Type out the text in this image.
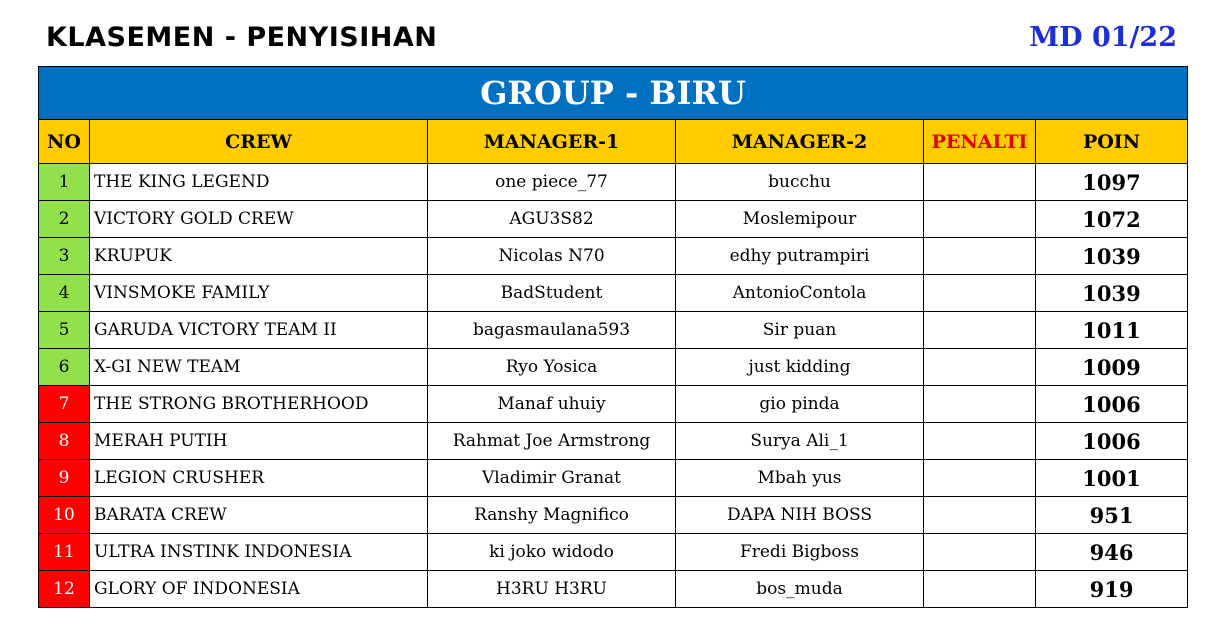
KLASEMEN - PENYISIHAN	MD 01/22
GROUP - BIRU					
NO	CREW	MANAGER-1	MANAGER-2	PENALTI	POIN
1	THE KING LEGEND	one piece_77	bucchu		1097
2	VICTORY GOLD CREW	AGU3S82	Moslemipour		1072
3	KRUPUK	Nicolas N70	edhy putrampiri		1039
4	VINSMOKE FAMILY	BadStudent	AntonioContola		1039
5	GARUDA VICTORY TEAM II	bagasmaulana593	Sir puan		1011
6	X-GI NEW TEAM	Ryo Yosica	just kidding		1009
7	THE STRONG BROTHERHOOD	Manaf uhuiy	gio pinda		1006
8	MERAH PUTIH	Rahmat Joe Armstrong	Surya Ali_1		1006
9	LEGION CRUSHER	Vladimir Granat	Mbah yus		1001
10	BARATA CREW	Ranshy Magnifico	DAPA NIH BOSS		951
11	ULTRA INSTINK INDONESIA	ki joko widodo	Fredi Bigboss		946
12	GLORY OF INDONESIA	H3RU H3RU	bos_muda		919
